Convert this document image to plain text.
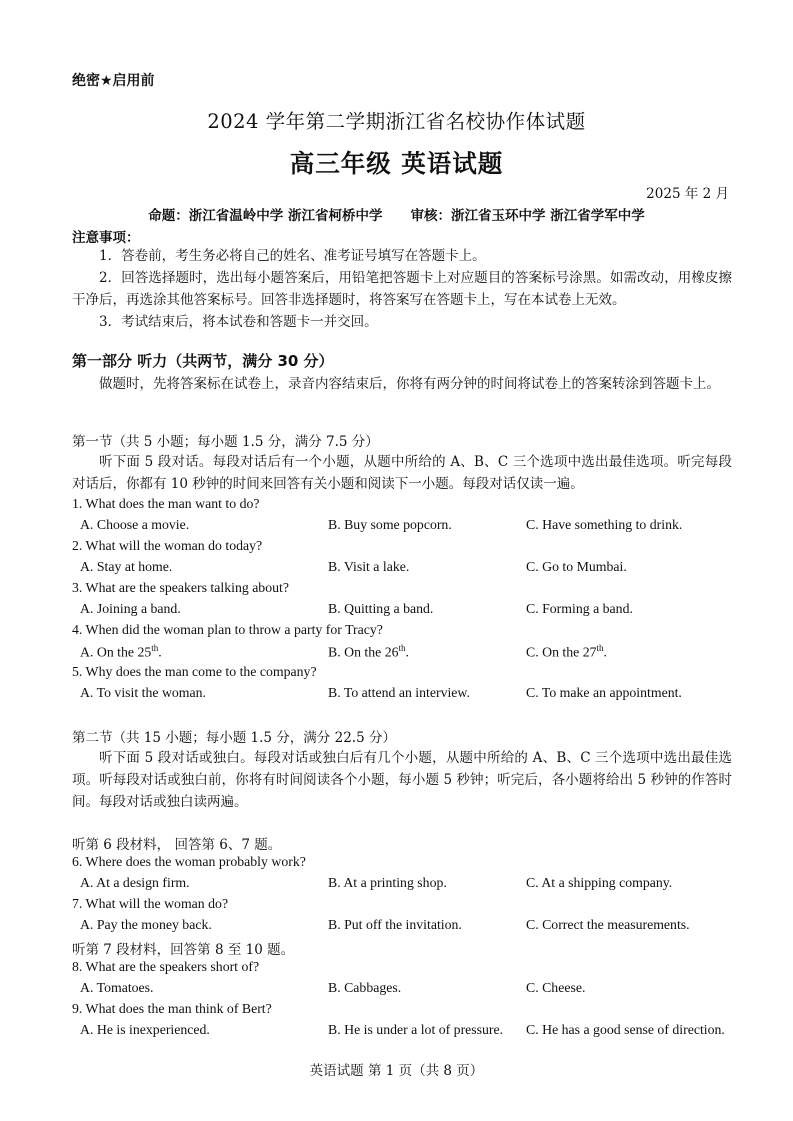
绝密★启用前
2024 学年第二学期浙江省名校协作体试题
高三年级 英语试题
2025 年 2 月
命题：浙江省温岭中学 浙江省柯桥中学 审核：浙江省玉环中学 浙江省学军中学
注意事项：
1．答卷前，考生务必将自己的姓名、准考证号填写在答题卡上。
2．回答选择题时，选出每小题答案后，用铅笔把答题卡上对应题目的答案标号涂黑。如需改动，用橡皮擦干净后，再选涂其他答案标号。回答非选择题时，将答案写在答题卡上，写在本试卷上无效。
3．考试结束后，将本试卷和答题卡一并交回。
第一部分 听力（共两节，满分 30 分）
做题时，先将答案标在试卷上，录音内容结束后，你将有两分钟的时间将试卷上的答案转涂到答题卡上。
第一节（共 5 小题；每小题 1.5 分，满分 7.5 分）
听下面 5 段对话。每段对话后有一个小题，从题中所给的 A、B、C 三个选项中选出最佳选项。听完每段对话后，你都有 10 秒钟的时间来回答有关小题和阅读下一小题。每段对话仅读一遍。
1. What does the man want to do?
A. Choose a movie.	B. Buy some popcorn.	C. Have something to drink.
2. What will the woman do today?
A. Stay at home.	B. Visit a lake.	C. Go to Mumbai.
3. What are the speakers talking about?
A. Joining a band.	B. Quitting a band.	C. Forming a band.
4. When did the woman plan to throw a party for Tracy?
A. On the 25th.	B. On the 26th.	C. On the 27th.
5. Why does the man come to the company?
A. To visit the woman.	B. To attend an interview.	C. To make an appointment.
第二节（共 15 小题；每小题 1.5 分，满分 22.5 分）
听下面 5 段对话或独白。每段对话或独白后有几个小题，从题中所给的 A、B、C 三个选项中选出最佳选项。听每段对话或独白前，你将有时间阅读各个小题，每小题 5 秒钟；听完后，各小题将给出 5 秒钟的作答时间。每段对话或独白读两遍。
听第 6 段材料， 回答第 6、7 题。
6. Where does the woman probably work?
A. At a design firm.	B. At a printing shop.	C. At a shipping company.
7. What will the woman do?
A. Pay the money back.	B. Put off the invitation.	C. Correct the measurements.
听第 7 段材料，回答第 8 至 10 题。
8. What are the speakers short of?
A. Tomatoes.	B. Cabbages.	C. Cheese.
9. What does the man think of Bert?
A. He is inexperienced.	B. He is under a lot of pressure. C. He has a good sense of direction.
英语试题 第 1 页（共 8 页）
